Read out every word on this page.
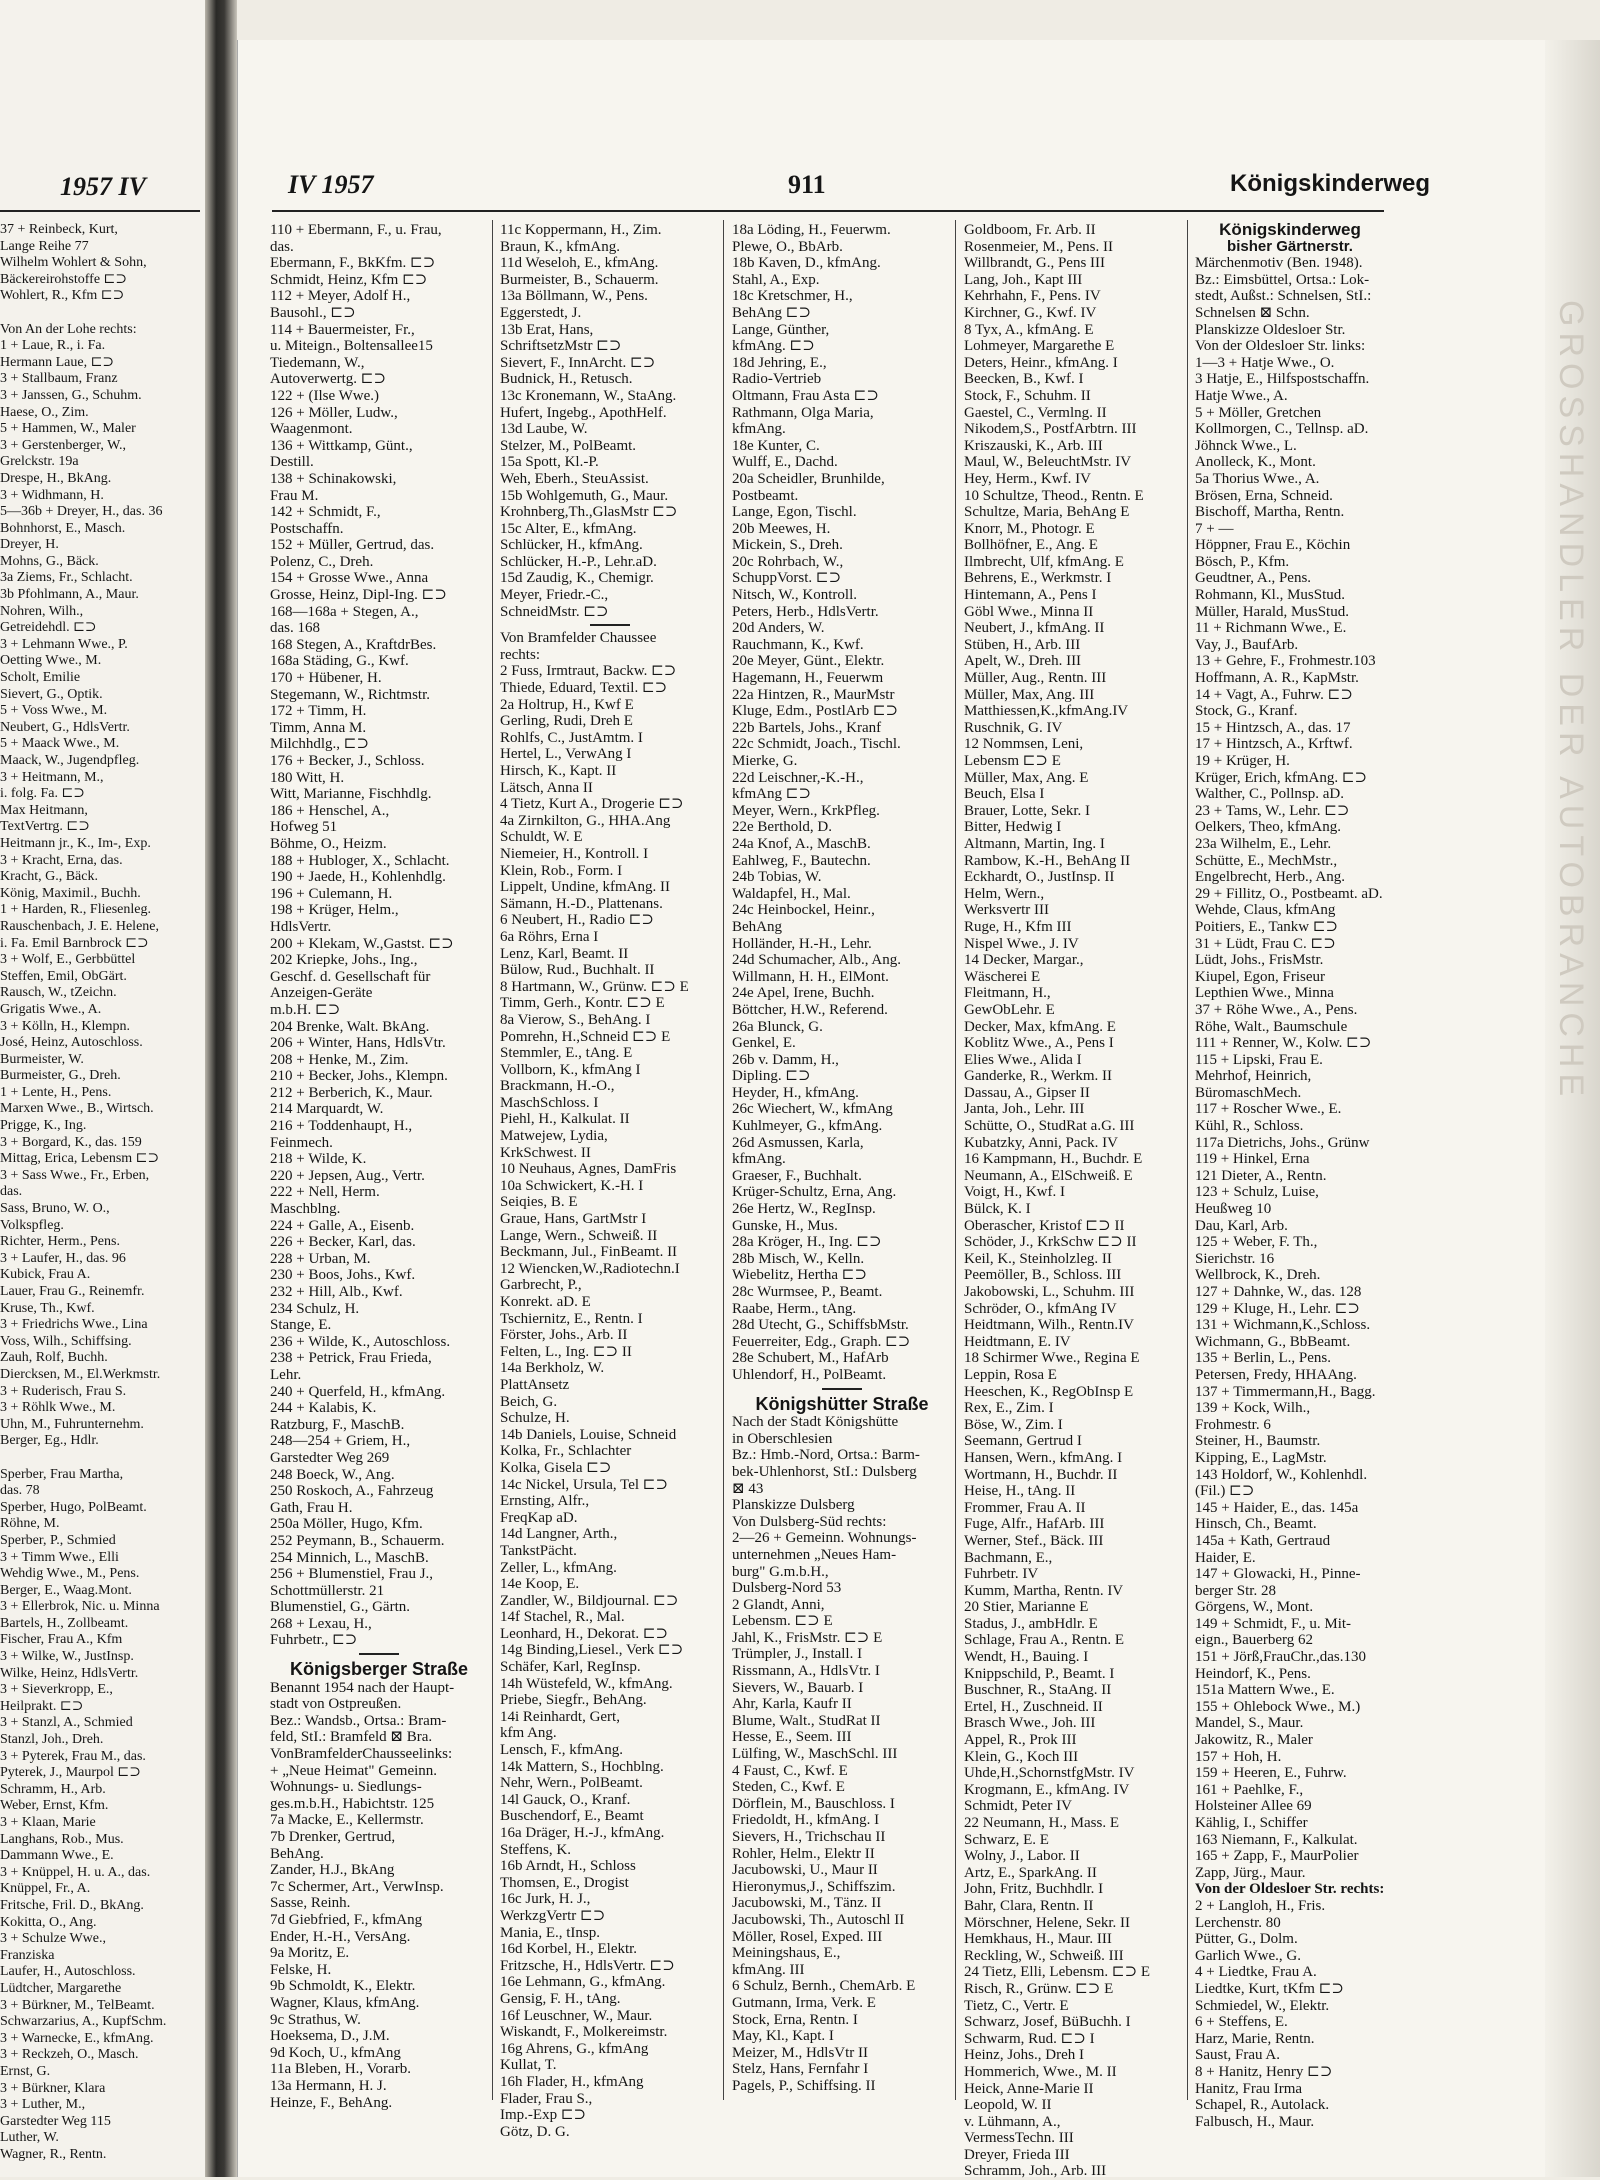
1957 IV
37 + Reinbeck, Kurt,
Lange Reihe 77
Wilhelm Wohlert & Sohn,
Bäckereirohstoffe ⊏⊃
Wohlert, R., Kfm ⊏⊃

Von An der Lohe rechts:
1 + Laue, R., i. Fa.
Hermann Laue, ⊏⊃
3 + Stallbaum, Franz
3 + Janssen, G., Schuhm.
Haese, O., Zim.
5 + Hammen, W., Maler
3 + Gerstenberger, W.,
Grelckstr. 19a
Drespe, H., BkAng.
3 + Widhmann, H.
5—36b + Dreyer, H., das. 36
Bohnhorst, E., Masch.
Dreyer, H.
Mohns, G., Bäck.
3a Ziems, Fr., Schlacht.
3b Pfohlmann, A., Maur.
Nohren, Wilh.,
Getreidehdl. ⊏⊃
3 + Lehmann Wwe., P.
Oetting Wwe., M.
Scholt, Emilie
Sievert, G., Optik.
5 + Voss Wwe., M.
Neubert, G., HdlsVertr.
5 + Maack Wwe., M.
Maack, W., Jugendpfleg.
3 + Heitmann, M.,
i. folg. Fa. ⊏⊃
Max Heitmann,
TextVertrg. ⊏⊃
Heitmann jr., K., Im-, Exp.
3 + Kracht, Erna, das.
Kracht, G., Bäck.
König, Maximil., Buchh.
1 + Harden, R., Fliesenleg.
Rauschenbach, J. E. Helene,
i. Fa. Emil Barnbrock ⊏⊃
3 + Wolf, E., Gerbbüttel
Steffen, Emil, ObGärt.
Rausch, W., tZeichn.
Grigatis Wwe., A.
3 + Kölln, H., Klempn.
José, Heinz, Autoschloss.
Burmeister, W.
Burmeister, G., Dreh.
1 + Lente, H., Pens.
Marxen Wwe., B., Wirtsch.
Prigge, K., Ing.
3 + Borgard, K., das. 159
Mittag, Erica, Lebensm ⊏⊃
3 + Sass Wwe., Fr., Erben,
das.
Sass, Bruno, W. O.,
Volkspfleg.
Richter, Herm., Pens.
3 + Laufer, H., das. 96
Kubick, Frau A.
Lauer, Frau G., Reinemfr.
Kruse, Th., Kwf.
3 + Friedrichs Wwe., Lina
Voss, Wilh., Schiffsing.
Zauh, Rolf, Buchh.
Diercksen, M., El.Werkmstr.
3 + Ruderisch, Frau S.
3 + Röhlk Wwe., M.
Uhn, M., Fuhrunternehm.
Berger, Eg., Hdlr.

Sperber, Frau Martha,
das. 78
Sperber, Hugo, PolBeamt.
Röhne, M.
Sperber, P., Schmied
3 + Timm Wwe., Elli
Wehdig Wwe., M., Pens.
Berger, E., Waag.Mont.
3 + Ellerbrok, Nic. u. Minna
Bartels, H., Zollbeamt.
Fischer, Frau A., Kfm
3 + Wilke, W., JustInsp.
Wilke, Heinz, HdlsVertr.
3 + Sieverkropp, E.,
Heilprakt. ⊏⊃
3 + Stanzl, A., Schmied
Stanzl, Joh., Dreh.
3 + Pyterek, Frau M., das.
Pyterek, J., Maurpol ⊏⊃
Schramm, H., Arb.
Weber, Ernst, Kfm.
3 + Klaan, Marie
Langhans, Rob., Mus.
Dammann Wwe., E.
3 + Knüppel, H. u. A., das.
Knüppel, Fr., A.
Fritsche, Fril. D., BkAng.
Kokitta, O., Ang.
3 + Schulze Wwe.,
Franziska
Laufer, H., Autoschloss.
Lüdtcher, Margarethe
3 + Bürkner, M., TelBeamt.
Schwarzarius, A., KupfSchm.
3 + Warnecke, E., kfmAng.
3 + Reckzeh, O., Masch.
Ernst, G.
3 + Bürkner, Klara
3 + Luther, M.,
Garstedter Weg 115
Luther, W.
Wagner, R., Rentn.
GROSSHANDLER DER AUTOBRANCHE
IV 1957	911	Königskinderweg
110 + Ebermann, F., u. Frau,
das.
Ebermann, F., BkKfm. ⊏⊃
Schmidt, Heinz, Kfm ⊏⊃
112 + Meyer, Adolf H.,
Bausohl., ⊏⊃
114 + Bauermeister, Fr.,
u. Miteign., Boltensallee15
Tiedemann, W.,
Autoverwertg. ⊏⊃
122 + (Ilse Wwe.)
126 + Möller, Ludw.,
Waagenmont.
136 + Wittkamp, Günt.,
Destill.
138 + Schinakowski,
Frau M.
142 + Schmidt, F.,
Postschaffn.
152 + Müller, Gertrud, das.
Polenz, C., Dreh.
154 + Grosse Wwe., Anna
Grosse, Heinz, Dipl-Ing. ⊏⊃
168—168a + Stegen, A.,
das. 168
168 Stegen, A., KraftdrBes.
168a Städing, G., Kwf.
170 + Hübener, H.
Stegemann, W., Richtmstr.
172 + Timm, H.
Timm, Anna M.
Milchhdlg., ⊏⊃
176 + Becker, J., Schloss.
180 Witt, H.
Witt, Marianne, Fischhdlg.
186 + Henschel, A.,
Hofweg 51
Böhme, O., Heizm.
188 + Hubloger, X., Schlacht.
190 + Jaede, H., Kohlenhdlg.
196 + Culemann, H.
198 + Krüger, Helm.,
HdlsVertr.
200 + Klekam, W.,Gastst. ⊏⊃
202 Kriepke, Johs., Ing.,
Geschf. d. Gesellschaft für
Anzeigen-Geräte
m.b.H. ⊏⊃
204 Brenke, Walt. BkAng.
206 + Winter, Hans, HdlsVtr.
208 + Henke, M., Zim.
210 + Becker, Johs., Klempn.
212 + Berberich, K., Maur.
214 Marquardt, W.
216 + Toddenhaupt, H.,
Feinmech.
218 + Wilde, K.
220 + Jepsen, Aug., Vertr.
222 + Nell, Herm.
Maschblng.
224 + Galle, A., Eisenb.
226 + Becker, Karl, das.
228 + Urban, M.
230 + Boos, Johs., Kwf.
232 + Hill, Alb., Kwf.
234 Schulz, H.
Stange, E.
236 + Wilde, K., Autoschloss.
238 + Petrick, Frau Frieda,
Lehr.
240 + Querfeld, H., kfmAng.
244 + Kalabis, K.
Ratzburg, F., MaschB.
248—254 + Griem, H.,
Garstedter Weg 269
248 Boeck, W., Ang.
250 Roskoch, A., Fahrzeug
Gath, Frau H.
250a Möller, Hugo, Kfm.
252 Peymann, B., Schauerm.
254 Minnich, L., MaschB.
256 + Blumenstiel, Frau J.,
Schottmüllerstr. 21
Blumenstiel, G., Gärtn.
268 + Lexau, H.,
Fuhrbetr., ⊏⊃
Königsberger Straße
Benannt 1954 nach der Haupt-
stadt von Ostpreußen.
Bez.: Wandsb., Ortsa.: Bram-
feld, StI.: Bramfeld ⊠ Bra.
VonBramfelderChausseelinks:
+ „Neue Heimat" Gemeinn.
Wohnungs- u. Siedlungs-
ges.m.b.H., Habichtstr. 125
7a Macke, E., Kellermstr.
7b Drenker, Gertrud,
BehAng.
Zander, H.J., BkAng
7c Schermer, Art., VerwInsp.
Sasse, Reinh.
7d Giebfried, F., kfmAng
Ender, H.-H., VersAng.
9a Moritz, E.
Felske, H.
9b Schmoldt, K., Elektr.
Wagner, Klaus, kfmAng.
9c Strathus, W.
Hoeksema, D., J.M.
9d Koch, U., kfmAng
11a Bleben, H., Vorarb.
13a Hermann, H. J.
Heinze, F., BehAng.
11c Koppermann, H., Zim.
Braun, K., kfmAng.
11d Weseloh, E., kfmAng.
Burmeister, B., Schauerm.
13a Böllmann, W., Pens.
Eggerstedt, J.
13b Erat, Hans,
SchriftsetzMstr ⊏⊃
Sievert, F., InnArcht. ⊏⊃
Budnick, H., Retusch.
13c Kronemann, W., StaAng.
Hufert, Ingebg., ApothHelf.
13d Laube, W.
Stelzer, M., PolBeamt.
15a Spott, Kl.-P.
Weh, Eberh., SteuAssist.
15b Wohlgemuth, G., Maur.
Krohnberg,Th.,GlasMstr ⊏⊃
15c Alter, E., kfmAng.
Schlücker, H., kfmAng.
Schlücker, H.-P., Lehr.aD.
15d Zaudig, K., Chemigr.
Meyer, Friedr.-C.,
SchneidMstr. ⊏⊃
Von Bramfelder Chaussee
rechts:
2 Fuss, Irmtraut, Backw. ⊏⊃
Thiede, Eduard, Textil. ⊏⊃
2a Holtrup, H., Kwf E
Gerling, Rudi, Dreh E
Rohlfs, C., JustAmtm. I
Hertel, L., VerwAng I
Hirsch, K., Kapt. II
Lätsch, Anna II
4 Tietz, Kurt A., Drogerie ⊏⊃
4a Zirnkilton, G., HHA.Ang
Schuldt, W. E
Niemeier, H., Kontroll. I
Klein, Rob., Form. I
Lippelt, Undine, kfmAng. II
Sämann, H.-D., Plattenans.
6 Neubert, H., Radio ⊏⊃
6a Röhrs, Erna I
Lenz, Karl, Beamt. II
Bülow, Rud., Buchhalt. II
8 Hartmann, W., Grünw. ⊏⊃ E
Timm, Gerh., Kontr. ⊏⊃ E
8a Vierow, S., BehAng. I
Pomrehn, H.,Schneid ⊏⊃ E
Stemmler, E., tAng. E
Vollborn, K., kfmAng I
Brackmann, H.-O.,
MaschSchloss. I
Piehl, H., Kalkulat. II
Matwejew, Lydia,
KrkSchwest. II
10 Neuhaus, Agnes, DamFris
10a Schwickert, K.-H. I
Seiqies, B. E
Graue, Hans, GartMstr I
Lange, Wern., Schweiß. II
Beckmann, Jul., FinBeamt. II
12 Wiencken,W.,Radiotechn.I
Garbrecht, P.,
Konrekt. aD. E
Tschiernitz, E., Rentn. I
Förster, Johs., Arb. II
Felten, L., Ing. ⊏⊃ II
14a Berkholz, W.
PlattAnsetz
Beich, G.
Schulze, H.
14b Daniels, Louise, Schneid
Kolka, Fr., Schlachter
Kolka, Gisela ⊏⊃
14c Nickel, Ursula, Tel ⊏⊃
Ernsting, Alfr.,
FreqKap aD.
14d Langner, Arth.,
TankstPächt.
Zeller, L., kfmAng.
14e Koop, E.
Zandler, W., Bildjournal. ⊏⊃
14f Stachel, R., Mal.
Leonhard, H., Dekorat. ⊏⊃
14g Binding,Liesel., Verk ⊏⊃
Schäfer, Karl, RegInsp.
14h Wüstefeld, W., kfmAng.
Priebe, Siegfr., BehAng.
14i Reinhardt, Gert,
kfm Ang.
Lensch, F., kfmAng.
14k Mattern, S., Hochblng.
Nehr, Wern., PolBeamt.
14l Gauck, O., Kranf.
Buschendorf, E., Beamt
16a Dräger, H.-J., kfmAng.
Steffens, K.
16b Arndt, H., Schloss
Thomsen, E., Drogist
16c Jurk, H. J.,
WerkzgVertr ⊏⊃
Mania, E., tInsp.
16d Korbel, H., Elektr.
Fritzsche, H., HdlsVertr. ⊏⊃
16e Lehmann, G., kfmAng.
Gensig, F. H., tAng.
16f Leuschner, W., Maur.
Wiskandt, F., Molkereimstr.
16g Ahrens, G., kfmAng
Kullat, T.
16h Flader, H., kfmAng
Flader, Frau S.,
Imp.-Exp ⊏⊃
Götz, D. G.
18a Löding, H., Feuerwm.
Plewe, O., BbArb.
18b Kaven, D., kfmAng.
Stahl, A., Exp.
18c Kretschmer, H.,
BehAng ⊏⊃
Lange, Günther,
kfmAng. ⊏⊃
18d Jehring, E.,
Radio-Vertrieb
Oltmann, Frau Asta ⊏⊃
Rathmann, Olga Maria,
kfmAng.
18e Kunter, C.
Wulff, E., Dachd.
20a Scheidler, Brunhilde,
Postbeamt.
Lange, Egon, Tischl.
20b Meewes, H.
Mickein, S., Dreh.
20c Rohrbach, W.,
SchuppVorst. ⊏⊃
Nitsch, W., Kontroll.
Peters, Herb., HdlsVertr.
20d Anders, W.
Rauchmann, K., Kwf.
20e Meyer, Günt., Elektr.
Hagemann, H., Feuerwm
22a Hintzen, R., MaurMstr
Kluge, Edm., PostlArb ⊏⊃
22b Bartels, Johs., Kranf
22c Schmidt, Joach., Tischl.
Mierke, G.
22d Leischner,-K.-H.,
kfmAng ⊏⊃
Meyer, Wern., KrkPfleg.
22e Berthold, D.
24a Knof, A., MaschB.
Eahlweg, F., Bautechn.
24b Tobias, W.
Waldapfel, H., Mal.
24c Heinbockel, Heinr.,
BehAng
Holländer, H.-H., Lehr.
24d Schumacher, Alb., Ang.
Willmann, H. H., ElMont.
24e Apel, Irene, Buchh.
Böttcher, H.W., Referend.
26a Blunck, G.
Genkel, E.
26b v. Damm, H.,
Dipling. ⊏⊃
Heyder, H., kfmAng.
26c Wiechert, W., kfmAng
Kuhlmeyer, G., kfmAng.
26d Asmussen, Karla,
kfmAng.
Graeser, F., Buchhalt.
Krüger-Schultz, Erna, Ang.
26e Hertz, W., RegInsp.
Gunske, H., Mus.
28a Kröger, H., Ing. ⊏⊃
28b Misch, W., Kelln.
Wiebelitz, Hertha ⊏⊃
28c Wurmsee, P., Beamt.
Raabe, Herm., tAng.
28d Utecht, G., SchiffsbMstr.
Feuerreiter, Edg., Graph. ⊏⊃
28e Schubert, M., HafArb
Uhlendorf, H., PolBeamt.
Königshütter Straße
Nach der Stadt Königshütte
in Oberschlesien
Bz.: Hmb.-Nord, Ortsa.: Barm-
bek-Uhlenhorst, StI.: Dulsberg
⊠ 43
Planskizze Dulsberg
Von Dulsberg-Süd rechts:
2—26 + Gemeinn. Wohnungs-
unternehmen „Neues Ham-
burg" G.m.b.H.,
Dulsberg-Nord 53
2 Glandt, Anni,
Lebensm. ⊏⊃ E
Jahl, K., FrisMstr. ⊏⊃ E
Trümpler, J., Install. I
Rissmann, A., HdlsVtr. I
Sievers, W., Bauarb. I
Ahr, Karla, Kaufr II
Blume, Walt., StudRat II
Hesse, E., Seem. III
Lülfing, W., MaschSchl. III
4 Faust, C., Kwf. E
Steden, C., Kwf. E
Dörflein, M., Bauschloss. I
Friedoldt, H., kfmAng. I
Sievers, H., Trichschau II
Rohler, Helm., Elektr II
Jacubowski, U., Maur II
Hieronymus,J., Schiffszim.
Jacubowski, M., Tänz. II
Jacubowski, Th., Autoschl II
Möller, Rosel, Exped. III
Meiningshaus, E.,
kfmAng. III
6 Schulz, Bernh., ChemArb. E
Gutmann, Irma, Verk. E
Stock, Erna, Rentn. I
May, Kl., Kapt. I
Meizer, M., HdlsVtr II
Stelz, Hans, Fernfahr I
Pagels, P., Schiffsing. II
Goldboom, Fr. Arb. II
Rosenmeier, M., Pens. II
Willbrandt, G., Pens III
Lang, Joh., Kapt III
Kehrhahn, F., Pens. IV
Kirchner, G., Kwf. IV
8 Tyx, A., kfmAng. E
Lohmeyer, Margarethe E
Deters, Heinr., kfmAng. I
Beecken, B., Kwf. I
Stock, F., Schuhm. II
Gaestel, C., Vermlng. II
Nikodem,S., PostfArbtrn. III
Kriszauski, K., Arb. III
Maul, W., BeleuchtMstr. IV
Hey, Herm., Kwf. IV
10 Schultze, Theod., Rentn. E
Schultze, Maria, BehAng E
Knorr, M., Photogr. E
Bollhöfner, E., Ang. E
Ilmbrecht, Ulf, kfmAng. E
Behrens, E., Werkmstr. I
Hintemann, A., Pens I
Göbl Wwe., Minna II
Neubert, J., kfmAng. II
Stüben, H., Arb. III
Apelt, W., Dreh. III
Müller, Aug., Rentn. III
Müller, Max, Ang. III
Matthiessen,K.,kfmAng.IV
Ruschnik, G. IV
12 Nommsen, Leni,
Lebensm ⊏⊃ E
Müller, Max, Ang. E
Beuch, Elsa I
Brauer, Lotte, Sekr. I
Bitter, Hedwig I
Altmann, Martin, Ing. I
Rambow, K.-H., BehAng II
Eckhardt, O., JustInsp. II
Helm, Wern.,
Werksvertr III
Ruge, H., Kfm III
Nispel Wwe., J. IV
14 Decker, Margar.,
Wäscherei E
Fleitmann, H.,
GewObLehr. E
Decker, Max, kfmAng. E
Koblitz Wwe., A., Pens I
Elies Wwe., Alida I
Ganderke, R., Werkm. II
Dassau, A., Gipser II
Janta, Joh., Lehr. III
Schütte, O., StudRat a.G. III
Kubatzky, Anni, Pack. IV
16 Kampmann, H., Buchdr. E
Neumann, A., ElSchweiß. E
Voigt, H., Kwf. I
Bülck, K. I
Oberascher, Kristof ⊏⊃ II
Schöder, J., KrkSchw ⊏⊃ II
Keil, K., Steinholzleg. II
Peemöller, B., Schloss. III
Jakobowski, L., Schuhm. III
Schröder, O., kfmAng IV
Heidtmann, Wilh., Rentn.IV
Heidtmann, E. IV
18 Schirmer Wwe., Regina E
Leppin, Rosa E
Heeschen, K., RegObInsp E
Rex, E., Zim. I
Böse, W., Zim. I
Seemann, Gertrud I
Hansen, Wern., kfmAng. I
Wortmann, H., Buchdr. II
Heise, H., tAng. II
Frommer, Frau A. II
Fuge, Alfr., HafArb. III
Werner, Stef., Bäck. III
Bachmann, E.,
Fuhrbetr. IV
Kumm, Martha, Rentn. IV
20 Stier, Marianne E
Stadus, J., ambHdlr. E
Schlage, Frau A., Rentn. E
Wendt, H., Bauing. I
Knippschild, P., Beamt. I
Buschner, R., StaAng. II
Ertel, H., Zuschneid. II
Brasch Wwe., Joh. III
Appel, R., Prok III
Klein, G., Koch III
Uhde,H.,SchornstfgMstr. IV
Krogmann, E., kfmAng. IV
Schmidt, Peter IV
22 Neumann, H., Mass. E
Schwarz, E. E
Wolny, J., Labor. II
Artz, E., SparkAng. II
John, Fritz, Buchhdlr. I
Bahr, Clara, Rentn. II
Mörschner, Helene, Sekr. II
Hemkhaus, H., Maur. III
Reckling, W., Schweiß. III
24 Tietz, Elli, Lebensm. ⊏⊃ E
Risch, R., Grünw. ⊏⊃ E
Tietz, C., Vertr. E
Schwarz, Josef, BüBuchh. I
Schwarm, Rud. ⊏⊃ I
Heinz, Johs., Dreh I
Hommerich, Wwe., M. II
Heick, Anne-Marie II
Leopold, W. II
v. Lühmann, A.,
VermessTechn. III
Dreyer, Frieda III
Schramm, Joh., Arb. III
Königskinderweg
bisher Gärtnerstr.
Märchenmotiv (Ben. 1948).
Bz.: Eimsbüttel, Ortsa.: Lok-
stedt, Außst.: Schnelsen, StI.:
Schnelsen ⊠ Schn.
Planskizze Oldesloer Str.
Von der Oldesloer Str. links:
1—3 + Hatje Wwe., O.
3 Hatje, E., Hilfspostschaffn.
Hatje Wwe., A.
5 + Möller, Gretchen
Kollmorgen, C., Tellnsp. aD.
Jöhnck Wwe., L.
Anolleck, K., Mont.
5a Thorius Wwe., A.
Brösen, Erna, Schneid.
Bischoff, Martha, Rentn.
7 + —
Höppner, Frau E., Köchin
Bösch, P., Kfm.
Geudtner, A., Pens.
Rohmann, Kl., MusStud.
Müller, Harald, MusStud.
11 + Richmann Wwe., E.
Vay, J., BaufArb.
13 + Gehre, F., Frohmestr.103
Hoffmann, A. R., KapMstr.
14 + Vagt, A., Fuhrw. ⊏⊃
Stock, G., Kranf.
15 + Hintzsch, A., das. 17
17 + Hintzsch, A., Krftwf.
19 + Krüger, H.
Krüger, Erich, kfmAng. ⊏⊃
Walther, C., Pollnsp. aD.
23 + Tams, W., Lehr. ⊏⊃
Oelkers, Theo, kfmAng.
23a Wilhelm, E., Lehr.
Schütte, E., MechMstr.,
Engelbrecht, Herb., Ang.
29 + Fillitz, O., Postbeamt. aD.
Wehde, Claus, kfmAng
Poitiers, E., Tankw ⊏⊃
31 + Lüdt, Frau C. ⊏⊃
Lüdt, Johs., FrisMstr.
Kiupel, Egon, Friseur
Lepthien Wwe., Minna
37 + Röhe Wwe., A., Pens.
Röhe, Walt., Baumschule
111 + Renner, W., Kolw. ⊏⊃
115 + Lipski, Frau E.
Mehrhof, Heinrich,
BüromaschMech.
117 + Roscher Wwe., E.
Kühl, R., Schloss.
117a Dietrichs, Johs., Grünw
119 + Hinkel, Erna
121 Dieter, A., Rentn.
123 + Schulz, Luise,
Heußweg 10
Dau, Karl, Arb.
125 + Weber, F. Th.,
Sierichstr. 16
Wellbrock, K., Dreh.
127 + Dahnke, W., das. 128
129 + Kluge, H., Lehr. ⊏⊃
131 + Wichmann,K.,Schloss.
Wichmann, G., BbBeamt.
135 + Berlin, L., Pens.
Petersen, Fredy, HHAAng.
137 + Timmermann,H., Bagg.
139 + Kock, Wilh.,
Frohmestr. 6
Steiner, H., Baumstr.
Kipping, E., LagMstr.
143 Holdorf, W., Kohlenhdl.
(Fil.) ⊏⊃
145 + Haider, E., das. 145a
Hinsch, Ch., Beamt.
145a + Kath, Gertraud
Haider, E.
147 + Glowacki, H., Pinne-
berger Str. 28
Görgens, W., Mont.
149 + Schmidt, F., u. Mit-
eign., Bauerberg 62
151 + Jörß,FrauChr.,das.130
Heindorf, K., Pens.
151a Mattern Wwe., E.
155 + Ohlebock Wwe., M.)
Mandel, S., Maur.
Jakowitz, R., Maler
157 + Hoh, H.
159 + Heeren, E., Fuhrw.
161 + Paehlke, F.,
Holsteiner Allee 69
Kählig, I., Schiffer
163 Niemann, F., Kalkulat.
165 + Zapp, F., MaurPolier
Zapp, Jürg., Maur.
Von der Oldesloer Str. rechts:
2 + Langloh, H., Fris.
Lerchenstr. 80
Pütter, G., Dolm.
Garlich Wwe., G.
4 + Liedtke, Frau A.
Liedtke, Kurt, tKfm ⊏⊃
Schmiedel, W., Elektr.
6 + Steffens, E.
Harz, Marie, Rentn.
Saust, Frau A.
8 + Hanitz, Henry ⊏⊃
Hanitz, Frau Irma
Schapel, R., Autolack.
Falbusch, H., Maur.
